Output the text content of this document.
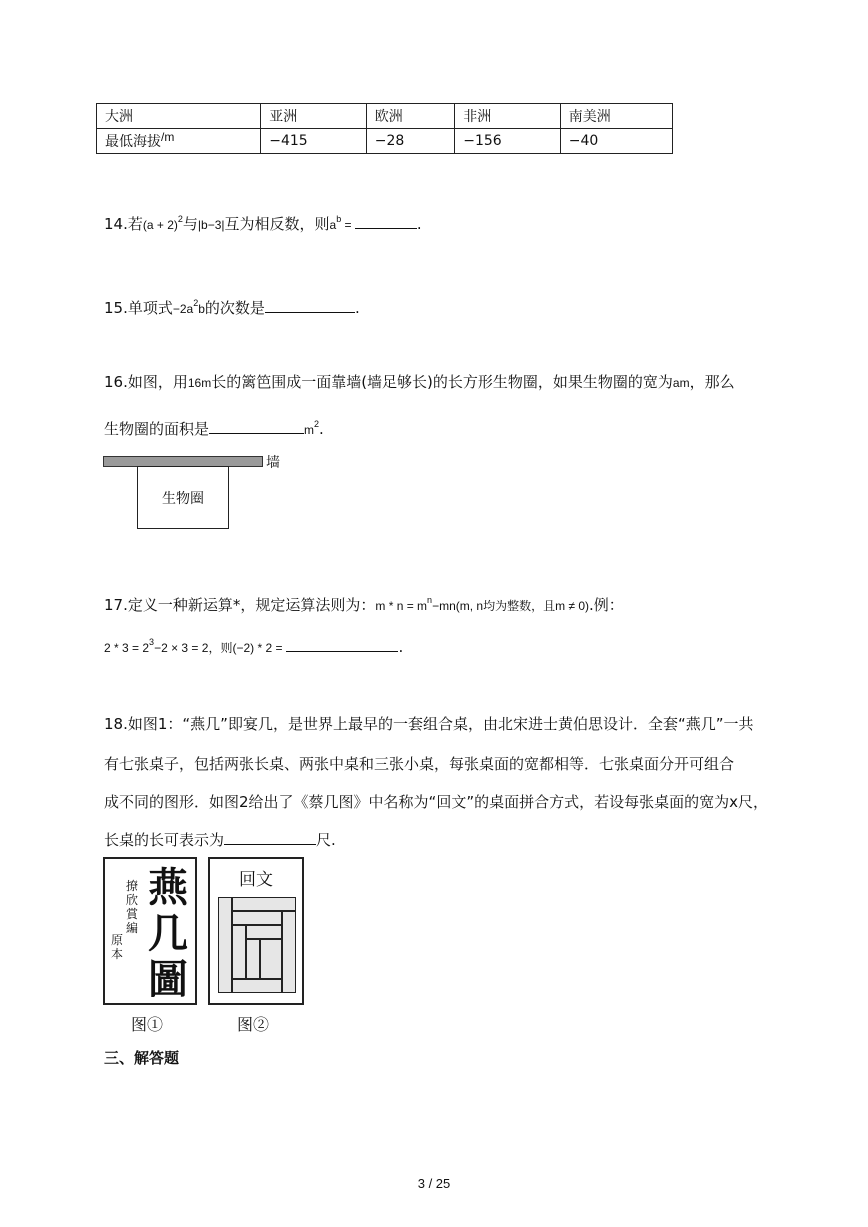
大洲	亚洲	欧洲	非洲	南美洲
最低海拔/m	−415	−28	−156	−40
14.若$(a + 2)^2$与|b−3|互为相反数，则$a^b$ =	.
15.单项式$-2a^2b$的次数是	.
16.如图，用16m长的篱笆围成一面靠墙(墙足够长)的长方形生物圈，如果生物圈的宽为am，那么
生物圈的面积是	$m^2$.
墙
生物圈
17.定义一种新运算*，规定运算法则为：$m * n = m^n-mn(m$, n均为整数，且m ≠ 0).例：
$2 * 3 = 2^3-2 \times 3 = 2$，则(−2) * 2 =	.
18.如图1：“燕几”即宴几，是世界上最早的一套组合桌，由北宋进士黄伯思设计．全套“燕几”一共
有七张桌子，包括两张长桌、两张中桌和三张小桌，每张桌面的宽都相等．七张桌面分开可组合
成不同的图形．如图2给出了《蔡几图》中名称为“回文”的桌面拼合方式，若设每张桌面的宽为x尺，
长桌的长可表示为	尺.
燕
几
圖
撩
欣
賞
編
原
本
图①
回文
图②
三、解答题
3 / 25
